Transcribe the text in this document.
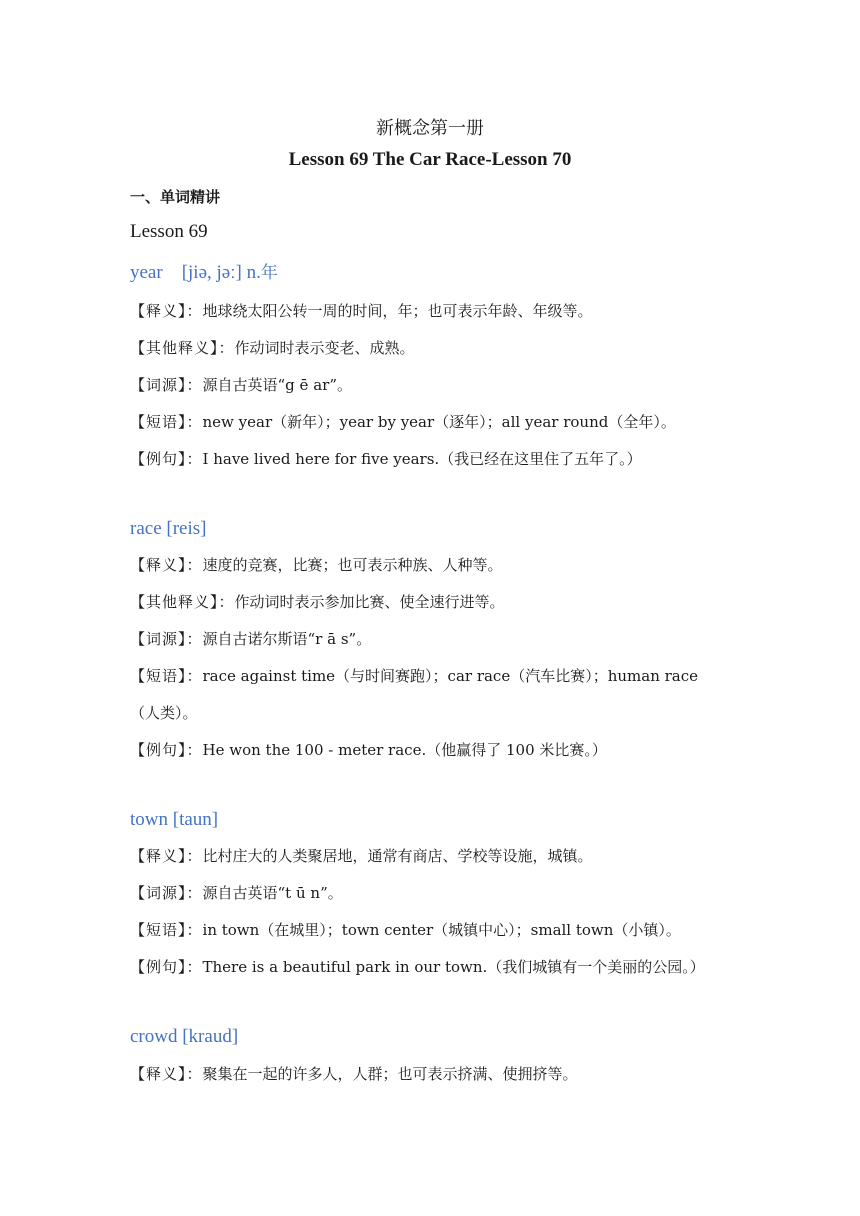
新概念第一册
Lesson 69 The Car Race-Lesson 70
一、单词精讲
Lesson 69
year    [jiə, jəː] n.年
【释义】：地球绕太阳公转一周的时间，年；也可表示年龄、年级等。
【其他释义】：作动词时表示变老、成熟。
【词源】：源自古英语“g ē ar”。
【短语】：new year（新年）；year by year（逐年）；all year round（全年）。
【例句】：I have lived here for five years.（我已经在这里住了五年了。）
race [reis]
【释义】：速度的竞赛，比赛；也可表示种族、人种等。
【其他释义】：作动词时表示参加比赛、使全速行进等。
【词源】：源自古诺尔斯语“r ā s”。
【短语】：race against time（与时间赛跑）；car race（汽车比赛）；human race
（人类）。
【例句】：He won the 100 - meter race.（他赢得了 100 米比赛。）
town [taun]
【释义】：比村庄大的人类聚居地，通常有商店、学校等设施，城镇。
【词源】：源自古英语“t ū n”。
【短语】：in town（在城里）；town center（城镇中心）；small town（小镇）。
【例句】：There is a beautiful park in our town.（我们城镇有一个美丽的公园。）
crowd [kraud]
【释义】：聚集在一起的许多人，人群；也可表示挤满、使拥挤等。
